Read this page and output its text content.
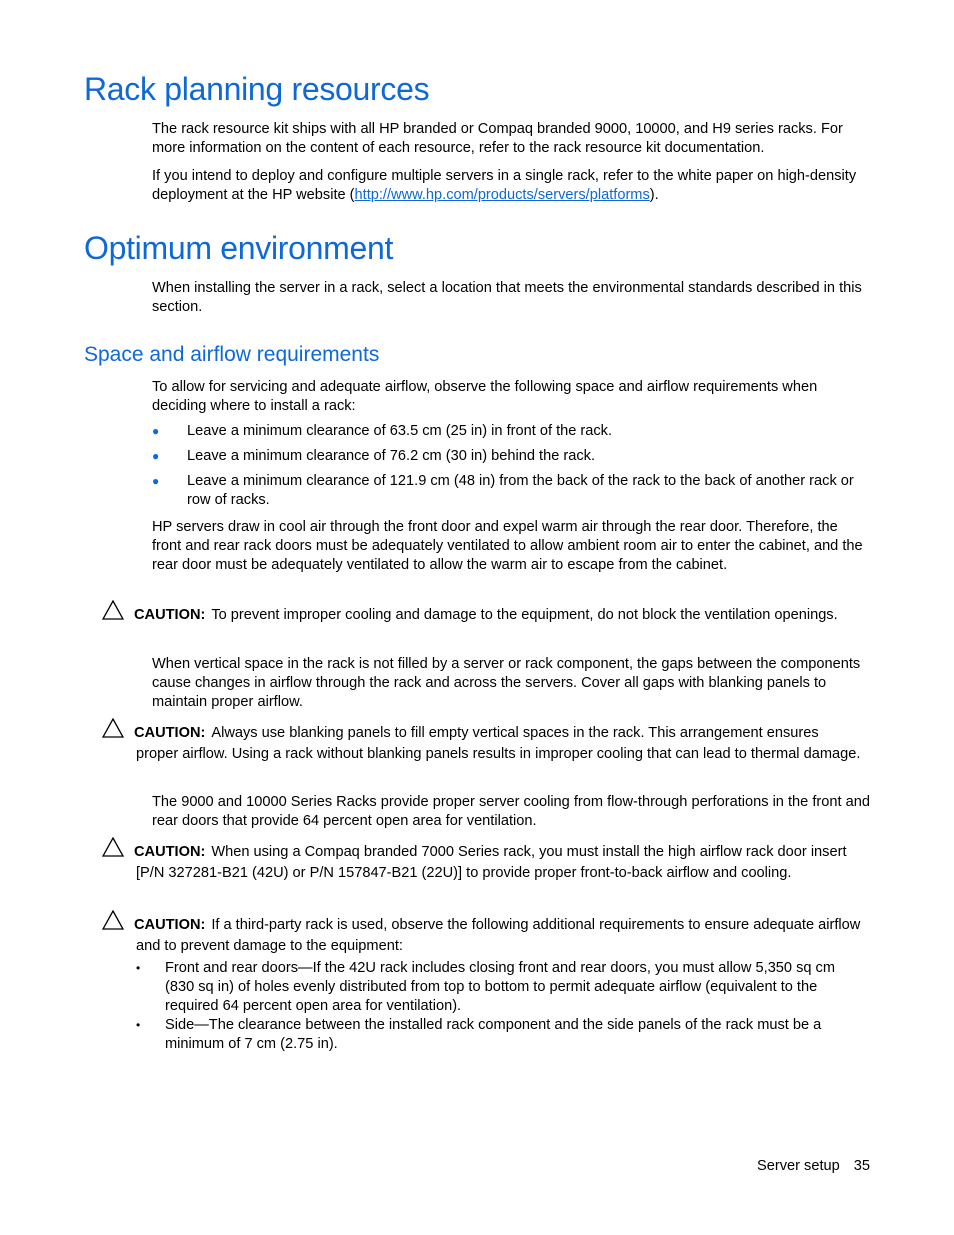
Rack planning resources

The rack resource kit ships with all HP branded or Compaq branded 9000, 10000, and H9 series racks. For more information on the content of each resource, refer to the rack resource kit documentation.

If you intend to deploy and configure multiple servers in a single rack, refer to the white paper on high-density deployment at the HP website (http://www.hp.com/products/servers/platforms).

Optimum environment

When installing the server in a rack, select a location that meets the environmental standards described in this section.

Space and airflow requirements

To allow for servicing and adequate airflow, observe the following space and airflow requirements when deciding where to install a rack:

● Leave a minimum clearance of 63.5 cm (25 in) in front of the rack.
● Leave a minimum clearance of 76.2 cm (30 in) behind the rack.
● Leave a minimum clearance of 121.9 cm (48 in) from the back of the rack to the back of another rack or row of racks.

HP servers draw in cool air through the front door and expel warm air through the rear door. Therefore, the front and rear rack doors must be adequately ventilated to allow ambient room air to enter the cabinet, and the rear door must be adequately ventilated to allow the warm air to escape from the cabinet.

CAUTION: To prevent improper cooling and damage to the equipment, do not block the ventilation openings.

When vertical space in the rack is not filled by a server or rack component, the gaps between the components cause changes in airflow through the rack and across the servers. Cover all gaps with blanking panels to maintain proper airflow.

CAUTION: Always use blanking panels to fill empty vertical spaces in the rack. This arrangement ensures proper airflow. Using a rack without blanking panels results in improper cooling that can lead to thermal damage.

The 9000 and 10000 Series Racks provide proper server cooling from flow-through perforations in the front and rear doors that provide 64 percent open area for ventilation.

CAUTION: When using a Compaq branded 7000 Series rack, you must install the high airflow rack door insert [P/N 327281-B21 (42U) or P/N 157847-B21 (22U)] to provide proper front-to-back airflow and cooling.
CAUTION: If a third-party rack is used, observe the following additional requirements to ensure adequate airflow and to prevent damage to the equipment:
• Front and rear doors—If the 42U rack includes closing front and rear doors, you must allow 5,350 sq cm (830 sq in) of holes evenly distributed from top to bottom to permit adequate airflow (equivalent to the required 64 percent open area for ventilation).
• Side—The clearance between the installed rack component and the side panels of the rack must be a minimum of 7 cm (2.75 in).
Server setup 35
